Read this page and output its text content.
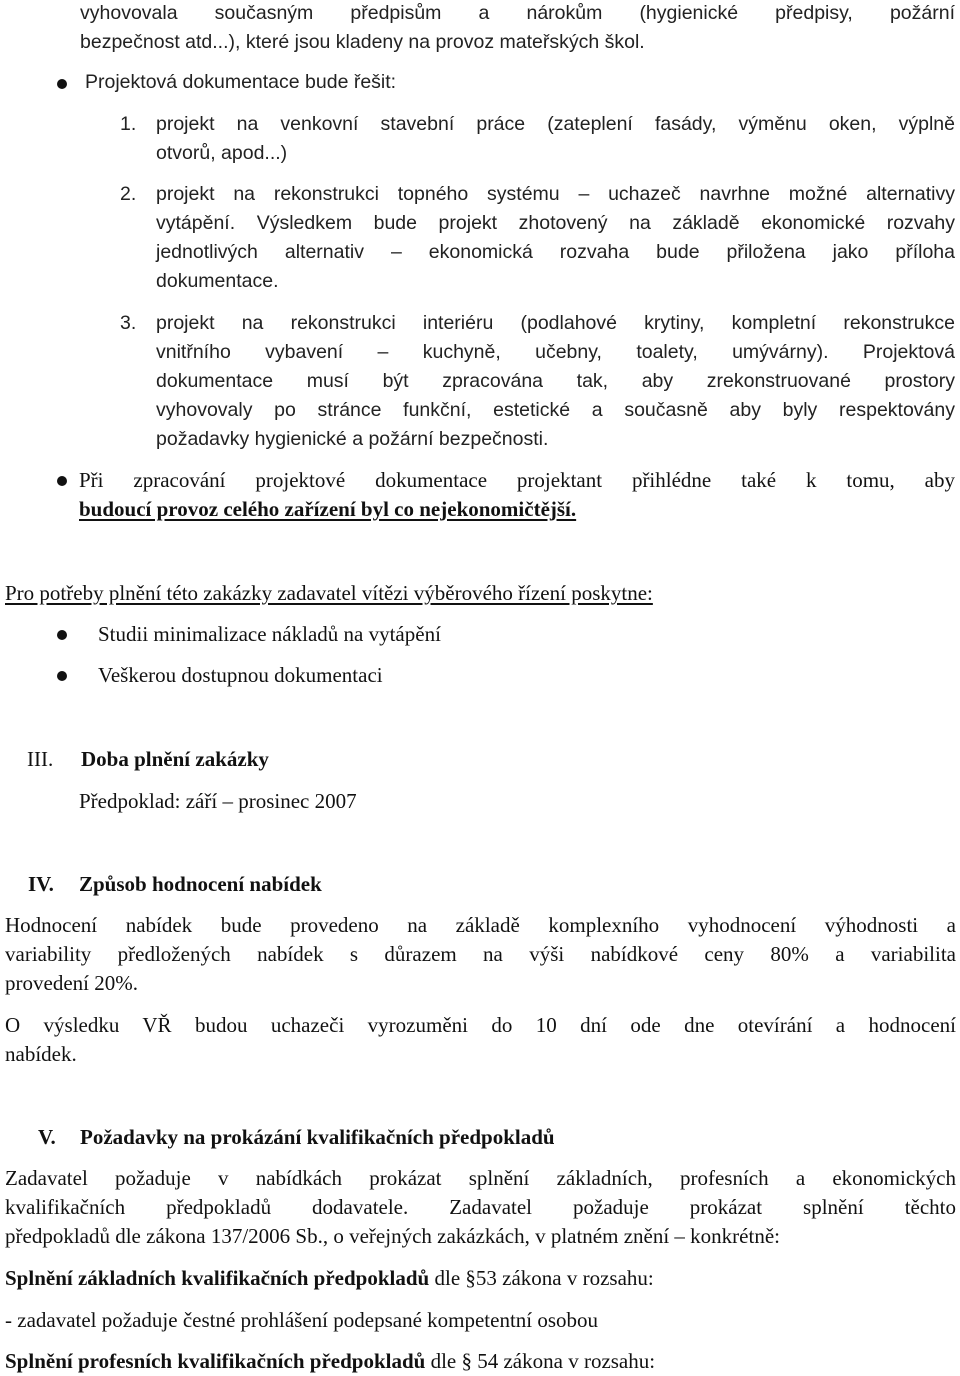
vyhovovala současným předpisům a nárokům (hygienické předpisy, požární
bezpečnost atd...), které jsou kladeny na provoz mateřských škol.
Projektová dokumentace bude řešit:
1. projekt na venkovní stavební práce (zateplení fasády, výměnu oken, výplně
otvorů, apod...)
2. projekt na rekonstrukci topného systému – uchazeč navrhne možné alternativy
vytápění. Výsledkem bude projekt zhotovený na základě ekonomické rozvahy
jednotlivých alternativ – ekonomická rozvaha bude přiložena jako příloha
dokumentace.
3. projekt na rekonstrukci interiéru (podlahové krytiny, kompletní rekonstrukce
vnitřního vybavení – kuchyně, učebny, toalety, umývárny). Projektová
dokumentace musí být zpracována tak, aby zrekonstruované prostory
vyhovovaly po stránce funkční, estetické a současně aby byly respektovány
požadavky hygienické a požární bezpečnosti.
Při zpracování projektové dokumentace projektant přihlédne také k tomu, aby
budoucí provoz celého zařízení byl co nejekonomičtější.
Pro potřeby plnění této zakázky zadavatel vítězi výběrového řízení poskytne:
Studii minimalizace nákladů na vytápění
Veškerou dostupnou dokumentaci
III. Doba plnění zakázky
Předpoklad: září – prosinec 2007
IV. Způsob hodnocení nabídek
Hodnocení nabídek bude provedeno na základě komplexního vyhodnocení výhodnosti a
variability předložených nabídek s důrazem na výši nabídkové ceny 80% a variabilita
provedení 20%.
O výsledku VŘ budou uchazeči vyrozuměni do 10 dní ode dne otevírání a hodnocení
nabídek.
V. Požadavky na prokázání kvalifikačních předpokladů
Zadavatel požaduje v nabídkách prokázat splnění základních, profesních a ekonomických
kvalifikačních předpokladů dodavatele. Zadavatel požaduje prokázat splnění těchto
předpokladů dle zákona 137/2006 Sb., o veřejných zakázkách, v platném znění – konkrétně:
Splnění základních kvalifikačních předpokladů dle §53 zákona v rozsahu:
- zadavatel požaduje čestné prohlášení podepsané kompetentní osobou
Splnění profesních kvalifikačních předpokladů dle § 54 zákona v rozsahu:
